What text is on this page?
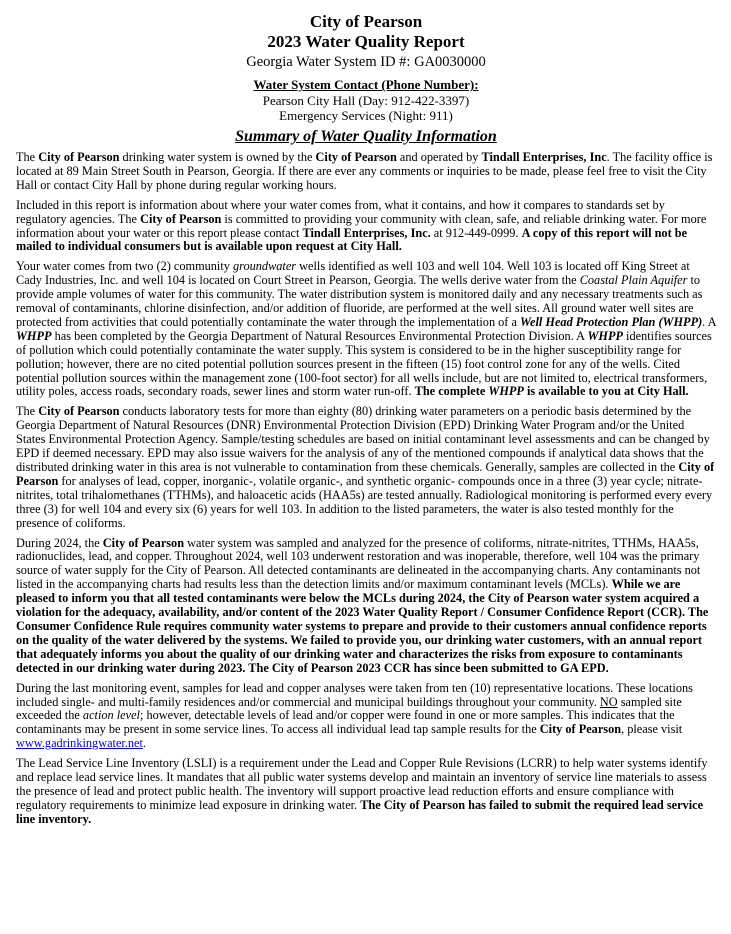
City of Pearson
2023 Water Quality Report
Georgia Water System ID #: GA0030000
Water System Contact (Phone Number):
Pearson City Hall (Day: 912-422-3397)
Emergency Services (Night: 911)
Summary of Water Quality Information

The City of Pearson drinking water system is owned by the City of Pearson and operated by Tindall Enterprises, Inc. The facility office is located at 89 Main Street South in Pearson, Georgia. If there are ever any comments or inquiries to be made, please feel free to visit the City Hall or contact City Hall by phone during regular working hours.

Included in this report is information about where your water comes from, what it contains, and how it compares to standards set by regulatory agencies. The City of Pearson is committed to providing your community with clean, safe, and reliable drinking water. For more information about your water or this report please contact Tindall Enterprises, Inc. at 912-449-0999. A copy of this report will not be mailed to individual consumers but is available upon request at City Hall.

Your water comes from two (2) community groundwater wells identified as well 103 and well 104. Well 103 is located off King Street at Cady Industries, Inc. and well 104 is located on Court Street in Pearson, Georgia. The wells derive water from the Coastal Plain Aquifer to provide ample volumes of water for this community. The water distribution system is monitored daily and any necessary treatments such as removal of contaminants, chlorine disinfection, and/or addition of fluoride, are performed at the well sites. All ground water well sites are protected from activities that could potentially contaminate the water through the implementation of a Well Head Protection Plan (WHPP). A WHPP has been completed by the Georgia Department of Natural Resources Environmental Protection Division. A WHPP identifies sources of pollution which could potentially contaminate the water supply. This system is considered to be in the higher susceptibility range for pollution; however, there are no cited potential pollution sources present in the fifteen (15) foot control zone for any of the wells. Cited potential pollution sources within the management zone (100-foot sector) for all wells include, but are not limited to, electrical transformers, utility poles, access roads, secondary roads, sewer lines and storm water run-off. The complete WHPP is available to you at City Hall.

The City of Pearson conducts laboratory tests for more than eighty (80) drinking water parameters on a periodic basis determined by the Georgia Department of Natural Resources (DNR) Environmental Protection Division (EPD) Drinking Water Program and/or the United States Environmental Protection Agency. Sample/testing schedules are based on initial contaminant level assessments and can be changed by EPD if deemed necessary. EPD may also issue waivers for the analysis of any of the mentioned compounds if analytical data shows that the distributed drinking water in this area is not vulnerable to contamination from these chemicals. Generally, samples are collected in the City of Pearson for analyses of lead, copper, inorganic-, volatile organic-, and synthetic organic- compounds once in a three (3) year cycle; nitrate-nitrites, total trihalomethanes (TTHMs), and haloacetic acids (HAA5s) are tested annually. Radiological monitoring is performed every every three (3) for well 104 and every six (6) years for well 103. In addition to the listed parameters, the water is also tested monthly for the presence of coliforms.

During 2024, the City of Pearson water system was sampled and analyzed for the presence of coliforms, nitrate-nitrites, TTHMs, HAA5s, radionuclides, lead, and copper. Throughout 2024, well 103 underwent restoration and was inoperable, therefore, well 104 was the primary source of water supply for the City of Pearson. All detected contaminants are delineated in the accompanying charts. Any contaminants not listed in the accompanying charts had results less than the detection limits and/or maximum contaminant levels (MCLs). While we are pleased to inform you that all tested contaminants were below the MCLs during 2024, the City of Pearson water system acquired a violation for the adequacy, availability, and/or content of the 2023 Water Quality Report / Consumer Confidence Report (CCR). The Consumer Confidence Rule requires community water systems to prepare and provide to their customers annual confidence reports on the quality of the water delivered by the systems. We failed to provide you, our drinking water customers, with an annual report that adequately informs you about the quality of our drinking water and characterizes the risks from exposure to contaminants detected in our drinking water during 2023. The City of Pearson 2023 CCR has since been submitted to GA EPD.

During the last monitoring event, samples for lead and copper analyses were taken from ten (10) representative locations. These locations included single- and multi-family residences and/or commercial and municipal buildings throughout your community. NO sampled site exceeded the action level; however, detectable levels of lead and/or copper were found in one or more samples. This indicates that the contaminants may be present in some service lines. To access all individual lead tap sample results for the City of Pearson, please visit www.gadrinkingwater.net.

The Lead Service Line Inventory (LSLI) is a requirement under the Lead and Copper Rule Revisions (LCRR) to help water systems identify and replace lead service lines. It mandates that all public water systems develop and maintain an inventory of service line materials to assess the presence of lead and protect public health. The inventory will support proactive lead reduction efforts and ensure compliance with regulatory requirements to minimize lead exposure in drinking water. The City of Pearson has failed to submit the required lead service line inventory.
